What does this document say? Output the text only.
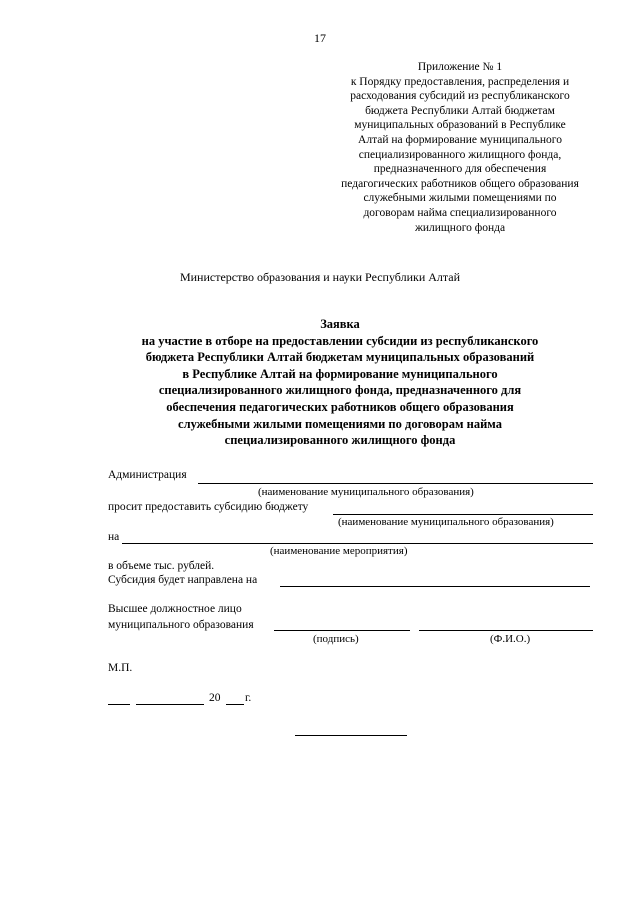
17
Приложение № 1
к Порядку предоставления, распределения и
расходования субсидий из республиканского
бюджета Республики Алтай бюджетам
муниципальных образований в Республике
Алтай на формирование муниципального
специализированного жилищного фонда,
предназначенного для обеспечения
педагогических работников общего образования
служебными жилыми помещениями по
договорам найма специализированного
жилищного фонда
Министерство образования и науки Республики Алтай
Заявка
на участие в отборе на предоставлении субсидии из республиканского
бюджета Республики Алтай бюджетам муниципальных образований
в Республике Алтай на формирование муниципального
специализированного жилищного фонда, предназначенного для
обеспечения педагогических работников общего образования
служебными жилыми помещениями по договорам найма
специализированного жилищного фонда
Администрация
(наименование муниципального образования)
просит предоставить субсидию бюджету
(наименование муниципального образования)
на
(наименование мероприятия)
в объеме тыс. рублей.
Субсидия будет направлена на
Высшее должностное лицо
муниципального образования
(подпись)	(Ф.И.О.)
М.П.
20 г.
